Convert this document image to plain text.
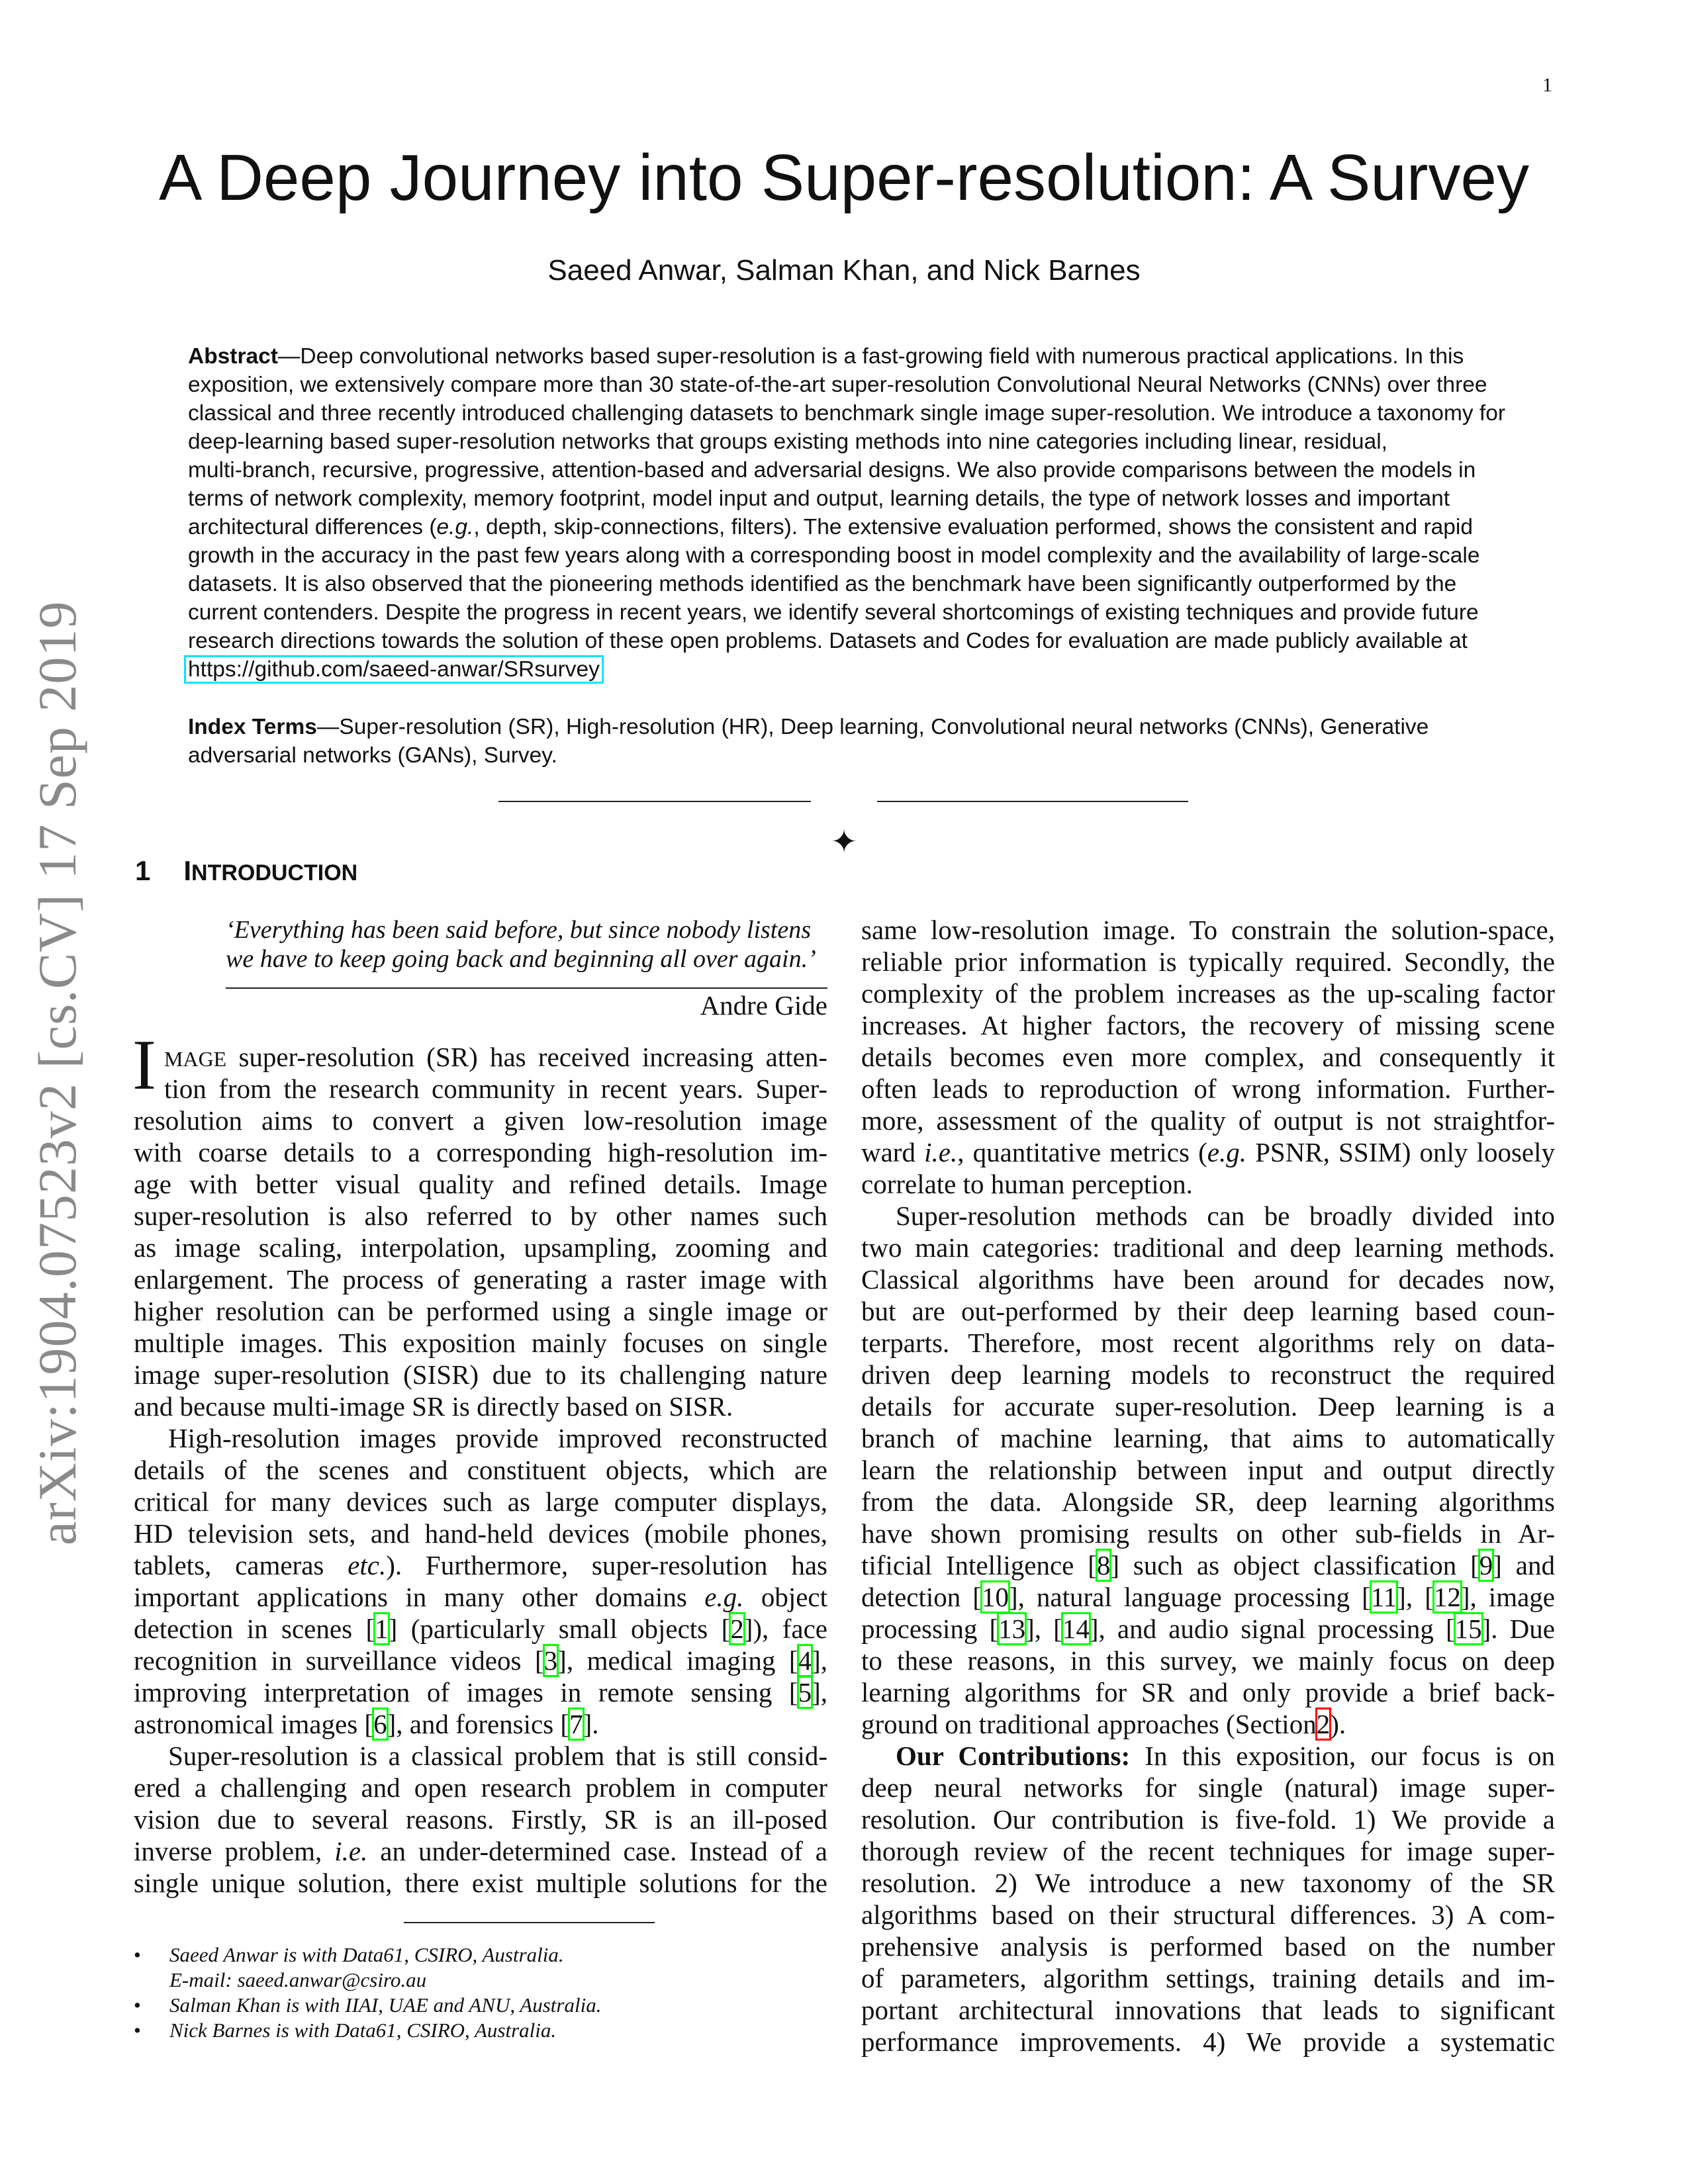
1
arXiv:1904.07523v2 [cs.CV] 17 Sep 2019
A Deep Journey into Super-resolution: A Survey
Saeed Anwar, Salman Khan, and Nick Barnes
Abstract—Deep convolutional networks based super-resolution is a fast-growing field with numerous practical applications. In this
exposition, we extensively compare more than 30 state-of-the-art super-resolution Convolutional Neural Networks (CNNs) over three
classical and three recently introduced challenging datasets to benchmark single image super-resolution. We introduce a taxonomy for
deep-learning based super-resolution networks that groups existing methods into nine categories including linear, residual,
multi-branch, recursive, progressive, attention-based and adversarial designs. We also provide comparisons between the models in
terms of network complexity, memory footprint, model input and output, learning details, the type of network losses and important
architectural differences (e.g., depth, skip-connections, filters). The extensive evaluation performed, shows the consistent and rapid
growth in the accuracy in the past few years along with a corresponding boost in model complexity and the availability of large-scale
datasets. It is also observed that the pioneering methods identified as the benchmark have been significantly outperformed by the
current contenders. Despite the progress in recent years, we identify several shortcomings of existing techniques and provide future
research directions towards the solution of these open problems. Datasets and Codes for evaluation are made publicly available at
https://github.com/saeed-anwar/SRsurvey
Index Terms—Super-resolution (SR), High-resolution (HR), Deep learning, Convolutional neural networks (CNNs), Generative
adversarial networks (GANs), Survey.
✦
1 INTRODUCTION
‘Everything has been said before, but since nobody listens
we have to keep going back and beginning all over again.’
Andre Gide
I MAGE super-resolution (SR) has received increasing atten-
tion from the research community in recent years. Super-
resolution aims to convert a given low-resolution image
with coarse details to a corresponding high-resolution im-
age with better visual quality and refined details. Image
super-resolution is also referred to by other names such
as image scaling, interpolation, upsampling, zooming and
enlargement. The process of generating a raster image with
higher resolution can be performed using a single image or
multiple images. This exposition mainly focuses on single
image super-resolution (SISR) due to its challenging nature
and because multi-image SR is directly based on SISR.
High-resolution images provide improved reconstructed
details of the scenes and constituent objects, which are
critical for many devices such as large computer displays,
HD television sets, and hand-held devices (mobile phones,
tablets, cameras etc.). Furthermore, super-resolution has
important applications in many other domains e.g. object
detection in scenes [1] (particularly small objects [2]), face
recognition in surveillance videos [3], medical imaging [4],
improving interpretation of images in remote sensing [5],
astronomical images [6], and forensics [7].
Super-resolution is a classical problem that is still consid-
ered a challenging and open research problem in computer
vision due to several reasons. Firstly, SR is an ill-posed
inverse problem, i.e. an under-determined case. Instead of a
single unique solution, there exist multiple solutions for the
same low-resolution image. To constrain the solution-space,
reliable prior information is typically required. Secondly, the
complexity of the problem increases as the up-scaling factor
increases. At higher factors, the recovery of missing scene
details becomes even more complex, and consequently it
often leads to reproduction of wrong information. Further-
more, assessment of the quality of output is not straightfor-
ward i.e., quantitative metrics (e.g. PSNR, SSIM) only loosely
correlate to human perception.
Super-resolution methods can be broadly divided into
two main categories: traditional and deep learning methods.
Classical algorithms have been around for decades now,
but are out-performed by their deep learning based coun-
terparts. Therefore, most recent algorithms rely on data-
driven deep learning models to reconstruct the required
details for accurate super-resolution. Deep learning is a
branch of machine learning, that aims to automatically
learn the relationship between input and output directly
from the data. Alongside SR, deep learning algorithms
have shown promising results on other sub-fields in Ar-
tificial Intelligence [8] such as object classification [9] and
detection [10], natural language processing [11], [12], image
processing [13], [14], and audio signal processing [15]. Due
to these reasons, in this survey, we mainly focus on deep
learning algorithms for SR and only provide a brief back-
ground on traditional approaches (Section2).
Our Contributions: In this exposition, our focus is on
deep neural networks for single (natural) image super-
resolution. Our contribution is five-fold. 1) We provide a
thorough review of the recent techniques for image super-
resolution. 2) We introduce a new taxonomy of the SR
algorithms based on their structural differences. 3) A com-
prehensive analysis is performed based on the number
of parameters, algorithm settings, training details and im-
portant architectural innovations that leads to significant
performance improvements. 4) We provide a systematic
• Saeed Anwar is with Data61, CSIRO, Australia.
E-mail: saeed.anwar@csiro.au
• Salman Khan is with IIAI, UAE and ANU, Australia.
• Nick Barnes is with Data61, CSIRO, Australia.
